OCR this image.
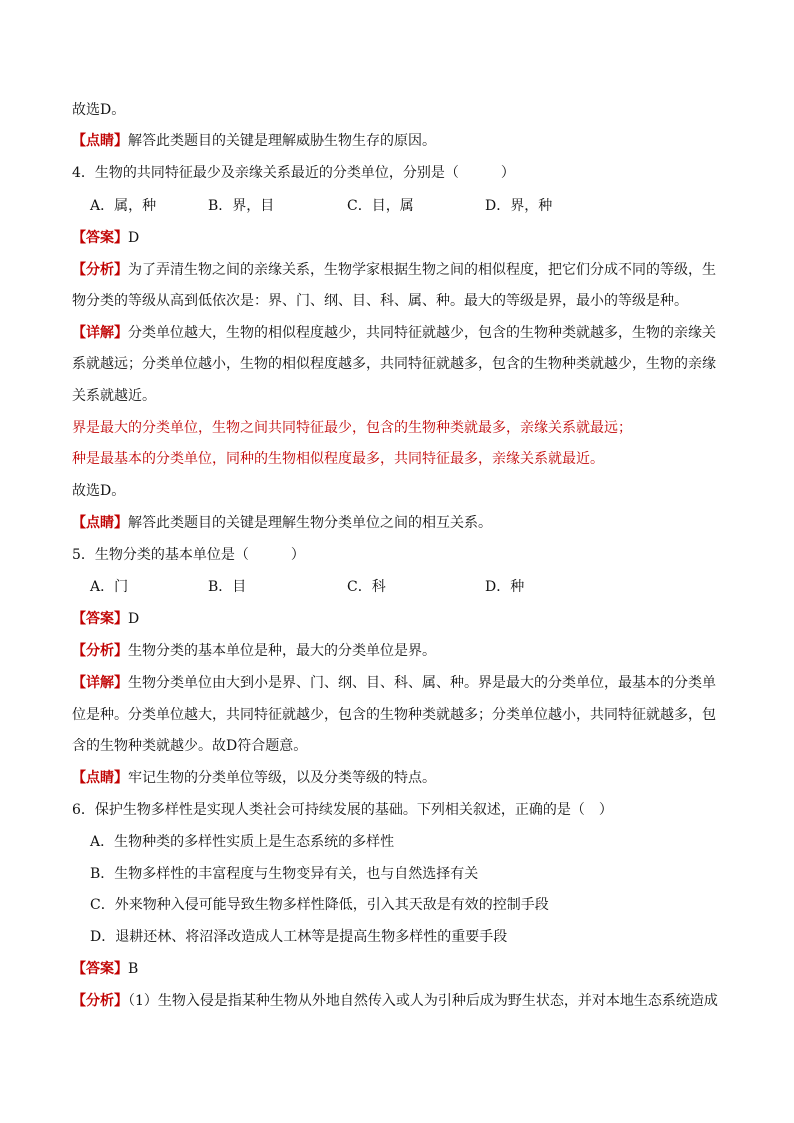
故选D。
【点睛】解答此类题目的关键是理解威胁生物生存的原因。
4．生物的共同特征最少及亲缘关系最近的分类单位，分别是（　　　）
A．属，种	B．界，目	C．目，属	D．界，种
【答案】D
【分析】为了弄清生物之间的亲缘关系，生物学家根据生物之间的相似程度，把它们分成不同的等级，生
物分类的等级从高到低依次是：界、门、纲、目、科、属、种。最大的等级是界，最小的等级是种。
【详解】分类单位越大，生物的相似程度越少，共同特征就越少，包含的生物种类就越多，生物的亲缘关
系就越远；分类单位越小，生物的相似程度越多，共同特征就越多，包含的生物种类就越少，生物的亲缘
关系就越近。
界是最大的分类单位，生物之间共同特征最少，包含的生物种类就最多，亲缘关系就最远；
种是最基本的分类单位，同种的生物相似程度最多，共同特征最多，亲缘关系就最近。
故选D。
【点睛】解答此类题目的关键是理解生物分类单位之间的相互关系。
5．生物分类的基本单位是（　　　）
A．门	B．目	C．科	D．种
【答案】D
【分析】生物分类的基本单位是种，最大的分类单位是界。
【详解】生物分类单位由大到小是界、门、纲、目、科、属、种。界是最大的分类单位，最基本的分类单
位是种。分类单位越大，共同特征就越少，包含的生物种类就越多；分类单位越小，共同特征就越多，包
含的生物种类就越少。故D符合题意。
【点睛】牢记生物的分类单位等级，以及分类等级的特点。
6．保护生物多样性是实现人类社会可持续发展的基础。下列相关叙述，正确的是（　）
A．生物种类的多样性实质上是生态系统的多样性
B．生物多样性的丰富程度与生物变异有关，也与自然选择有关
C．外来物种入侵可能导致生物多样性降低，引入其天敌是有效的控制手段
D．退耕还林、将沼泽改造成人工林等是提高生物多样性的重要手段
【答案】B
【分析】（1）生物入侵是指某种生物从外地自然传入或人为引种后成为野生状态，并对本地生态系统造成
